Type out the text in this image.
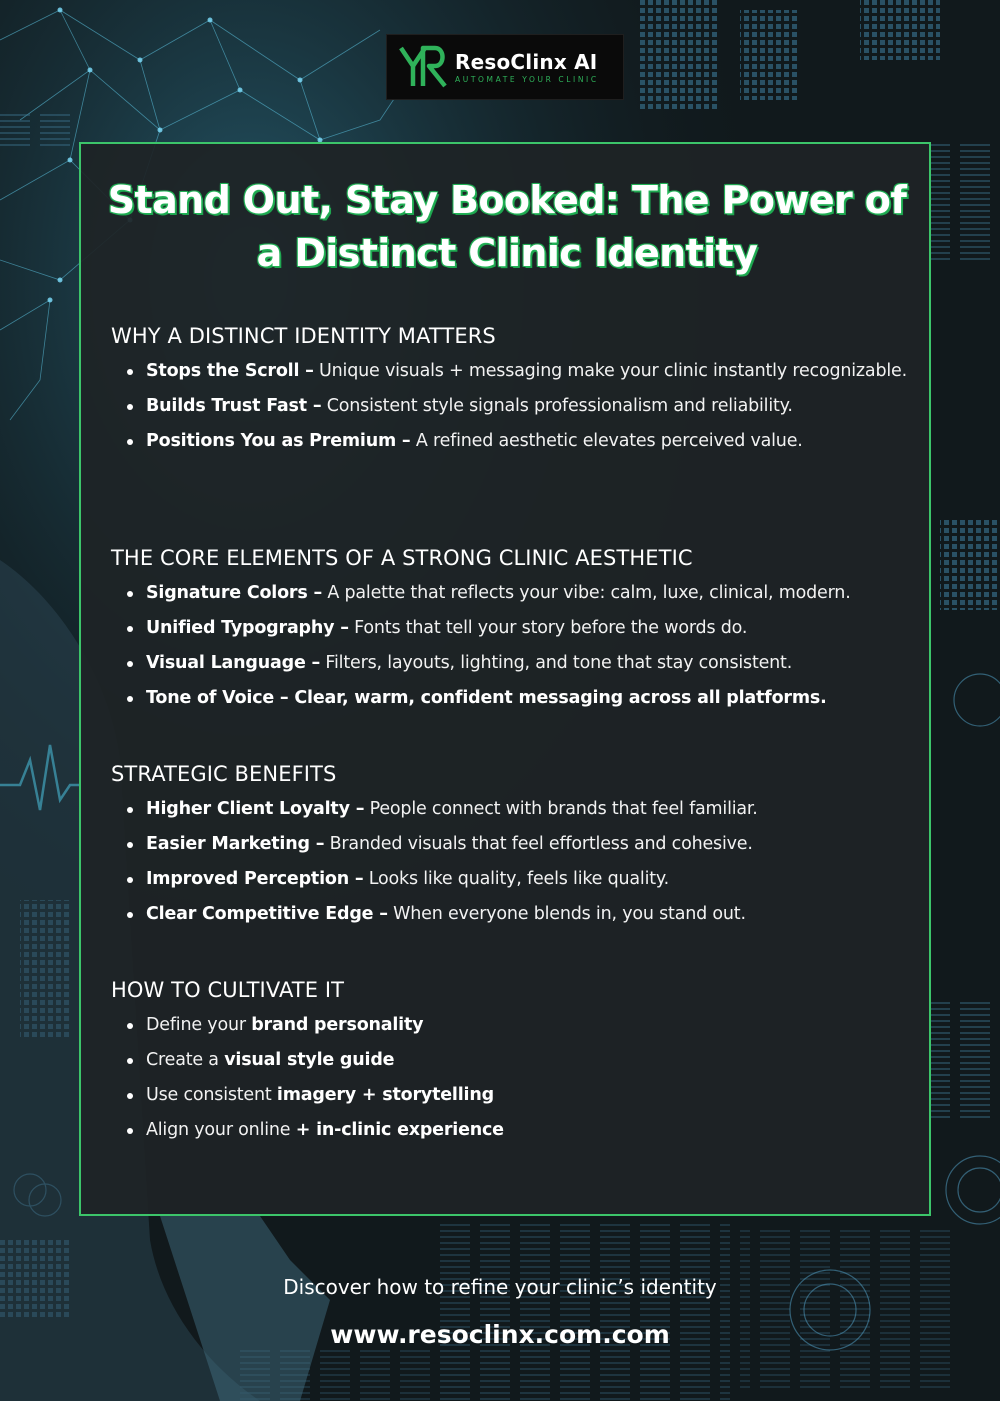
ResoClinx AI
AUTOMATE YOUR CLINIC
Stand Out, Stay Booked: The Power of a Distinct Clinic Identity
WHY A DISTINCT IDENTITY MATTERS
Stops the Scroll – Unique visuals + messaging make your clinic instantly recognizable.
Builds Trust Fast – Consistent style signals professionalism and reliability.
Positions You as Premium – A refined aesthetic elevates perceived value.
THE CORE ELEMENTS OF A STRONG CLINIC AESTHETIC
Signature Colors – A palette that reflects your vibe: calm, luxe, clinical, modern.
Unified Typography – Fonts that tell your story before the words do.
Visual Language – Filters, layouts, lighting, and tone that stay consistent.
Tone of Voice – Clear, warm, confident messaging across all platforms.
STRATEGIC BENEFITS
Higher Client Loyalty – People connect with brands that feel familiar.
Easier Marketing – Branded visuals that feel effortless and cohesive.
Improved Perception – Looks like quality, feels like quality.
Clear Competitive Edge – When everyone blends in, you stand out.
HOW TO CULTIVATE IT
Define your brand personality
Create a visual style guide
Use consistent imagery + storytelling
Align your online + in-clinic experience
Discover how to refine your clinic’s identity
www.resoclinx.com.com
